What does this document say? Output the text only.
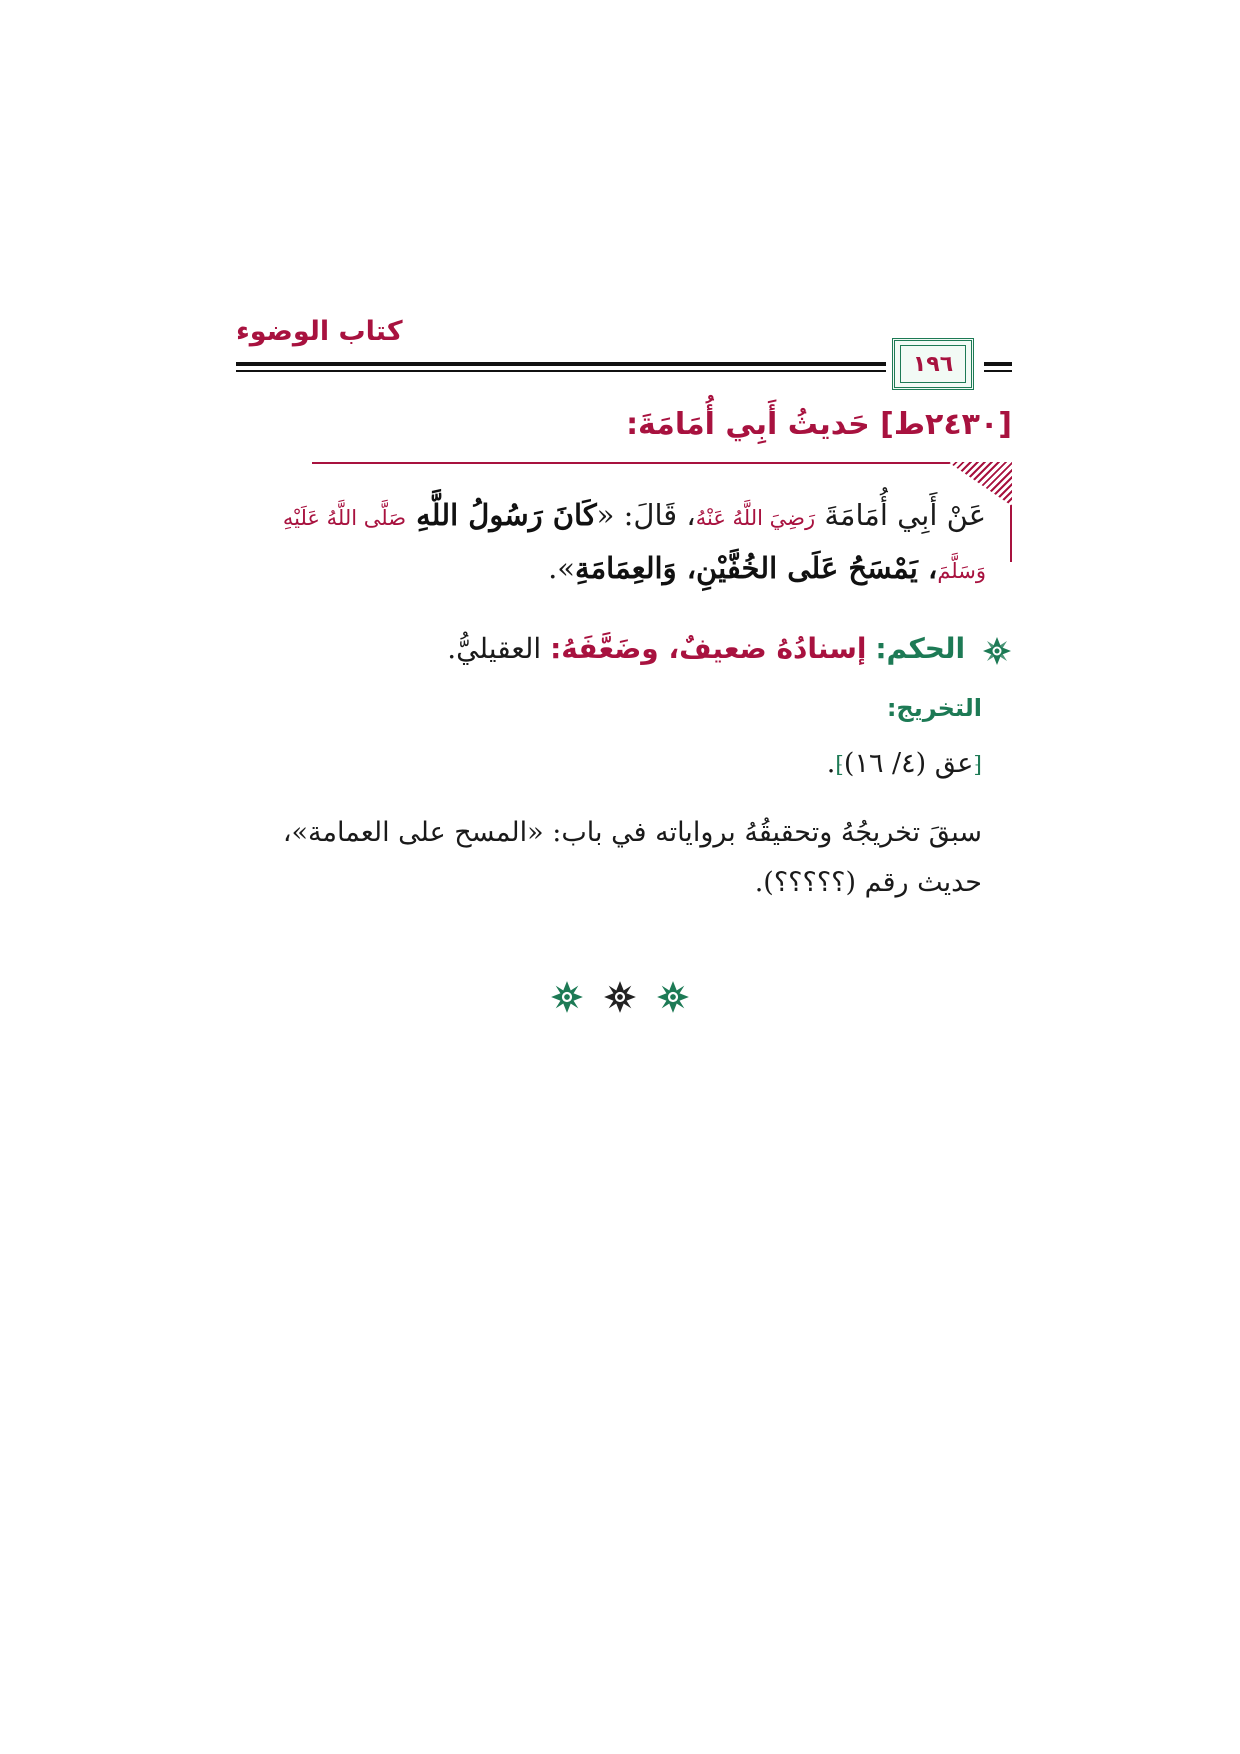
كتاب الوضوء
١٩٦
[٢٤٣٠ط] حَديثُ أَبِي أُمَامَةَ:
عَنْ أَبِي أُمَامَةَ رَضِيَ اللَّهُ عَنْهُ، قَالَ: «كَانَ رَسُولُ اللَّهِ صَلَّى اللَّهُ عَلَيْهِ وَسَلَّمَ، يَمْسَحُ عَلَى الخُفَّيْنِ، وَالعِمَامَةِ».
الحكم: إسنادُهُ ضعيفٌ، وضَعَّفَهُ: العقيليُّ.
التخريج:
⁅عق (٤/ ١٦)⁆.
سبقَ تخريجُهُ وتحقيقُهُ برواياته في باب: «المسح على العمامة»، حديث رقم (؟؟؟؟؟).
